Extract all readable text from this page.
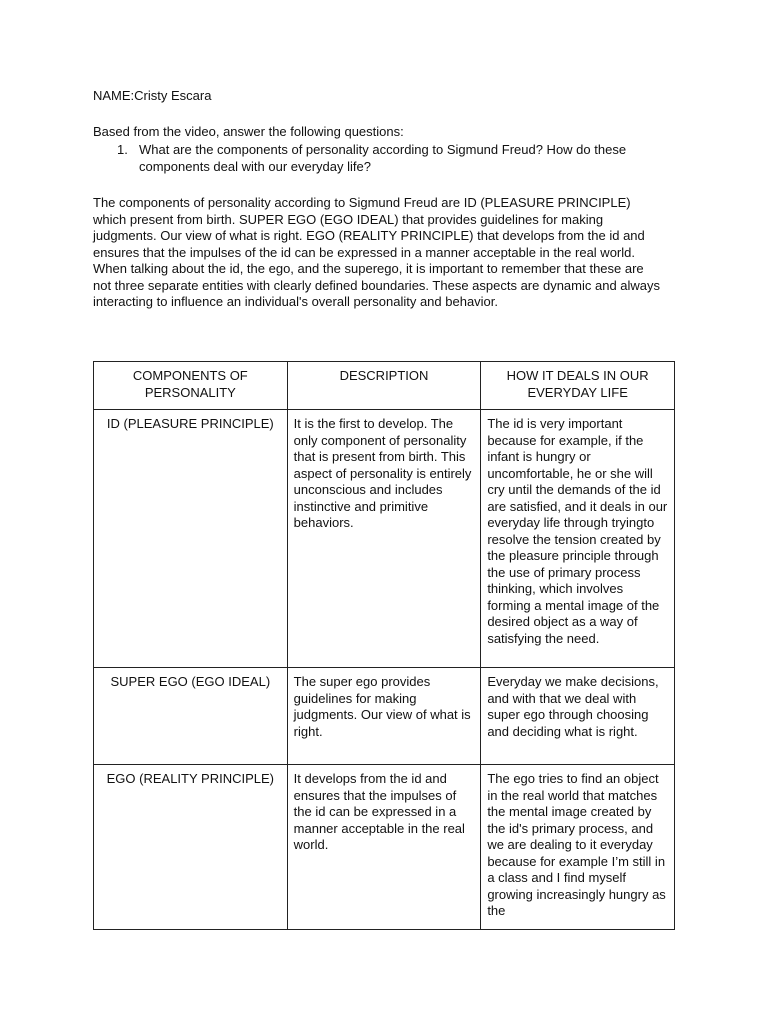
NAME:Cristy Escara
Based from the video, answer the following questions:
1. What are the components of personality according to Sigmund Freud? How do these components deal with our everyday life?

The components of personality according to Sigmund Freud are ID (PLEASURE PRINCIPLE) which present from birth. SUPER EGO (EGO IDEAL) that provides guidelines for making judgments. Our view of what is right. EGO (REALITY PRINCIPLE) that develops from the id and ensures that the impulses of the id can be expressed in a manner acceptable in the real world. When talking about the id, the ego, and the superego, it is important to remember that these are not three separate entities with clearly defined boundaries. These aspects are dynamic and always interacting to influence an individual's overall personality and behavior.

COMPONENTS OF PERSONALITY	DESCRIPTION	HOW IT DEALS IN OUR EVERYDAY LIFE
ID (PLEASURE PRINCIPLE)	It is the first to develop. The only component of personality that is present from birth. This aspect of personality is entirely unconscious and includes instinctive and primitive behaviors.	The id is very important because for example, if the infant is hungry or uncomfortable, he or she will cry until the demands of the id are satisfied, and it deals in our everyday life through tryingto resolve the tension created by the pleasure principle through the use of primary process thinking, which involves forming a mental image of the desired object as a way of satisfying the need.
SUPER EGO (EGO IDEAL)	The super ego provides guidelines for making judgments. Our view of what is right.	Everyday we make decisions, and with that we deal with super ego through choosing and deciding what is right.
EGO (REALITY PRINCIPLE)	It develops from the id and ensures that the impulses of the id can be expressed in a manner acceptable in the real world.	The ego tries to find an object in the real world that matches the mental image created by the id's primary process, and we are dealing to it everyday because for example I’m still in a class and I find myself growing increasingly hungry as the
